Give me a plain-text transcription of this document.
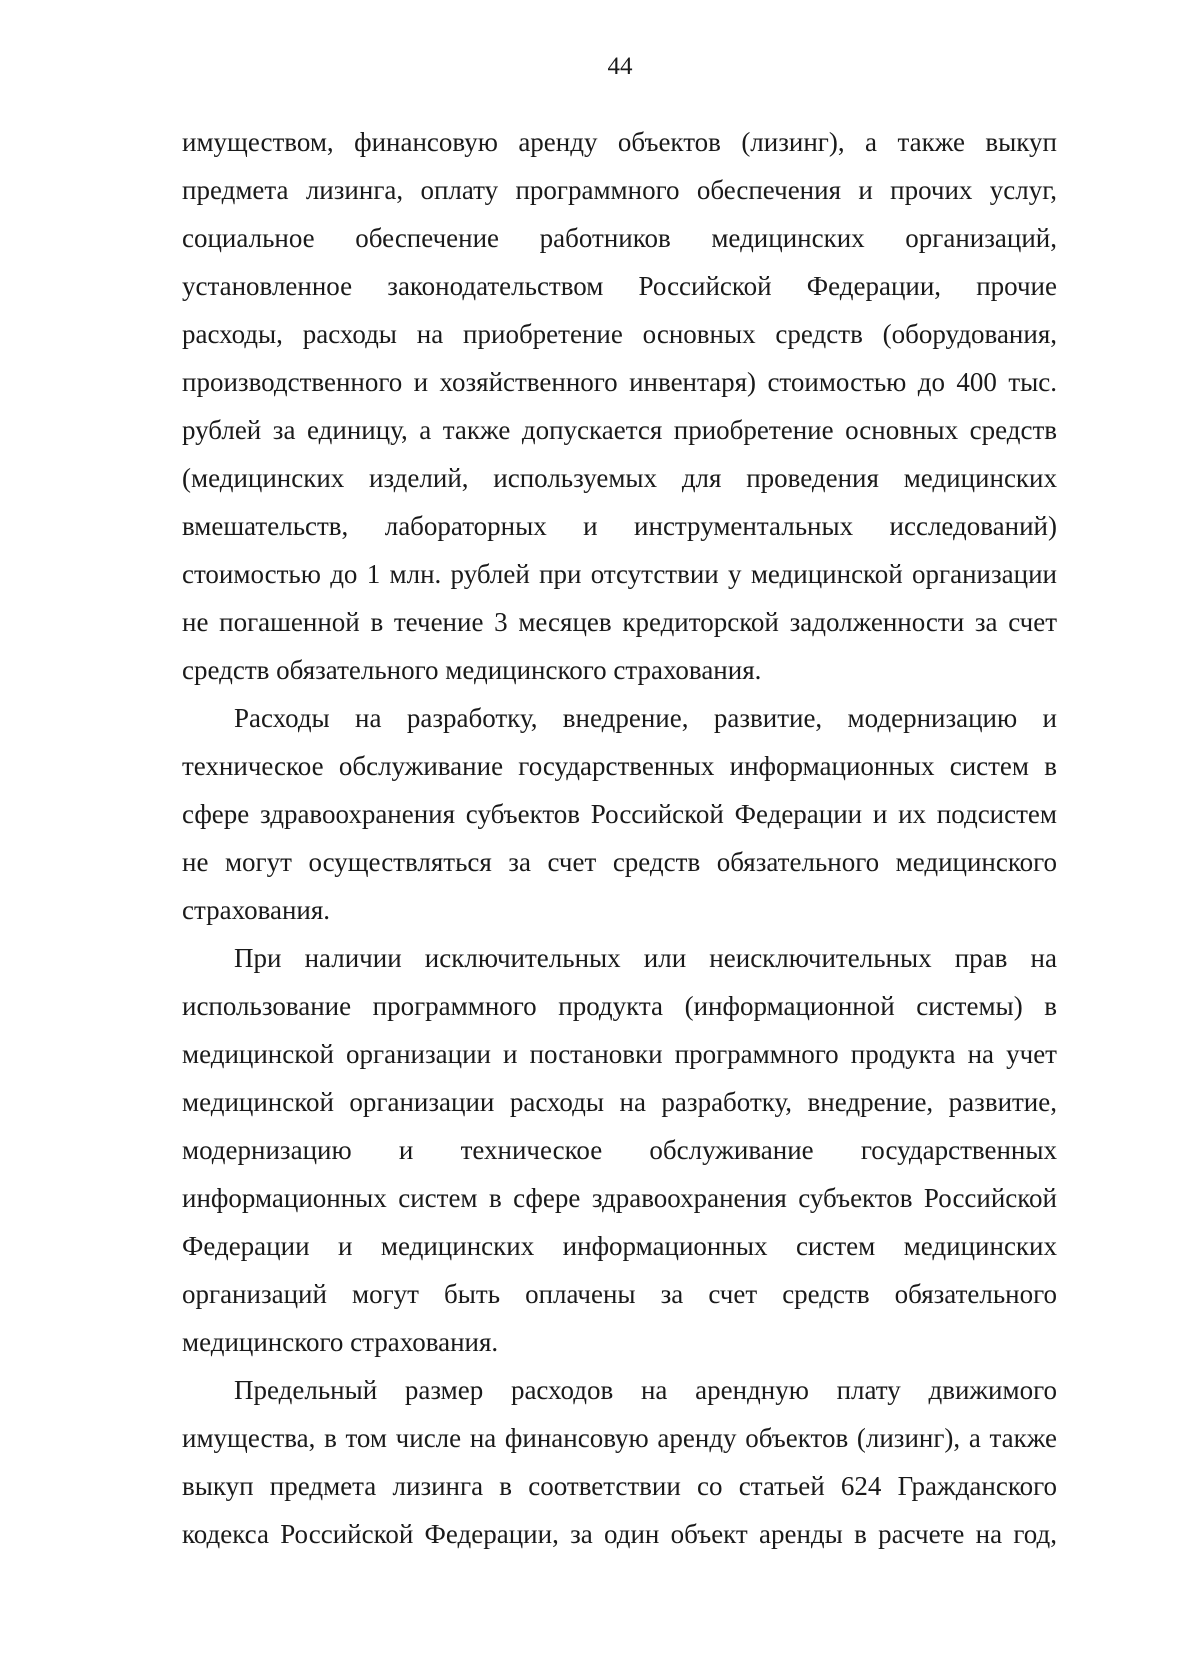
44

имуществом, финансовую аренду объектов (лизинг), а также выкуп
предмета лизинга, оплату программного обеспечения и прочих услуг,
социальное обеспечение работников медицинских организаций,
установленное законодательством Российской Федерации, прочие
расходы, расходы на приобретение основных средств (оборудования,
производственного и хозяйственного инвентаря) стоимостью до 400 тыс.
рублей за единицу, а также допускается приобретение основных средств
(медицинских изделий, используемых для проведения медицинских
вмешательств, лабораторных и инструментальных исследований)
стоимостью до 1 млн. рублей при отсутствии у медицинской организации
не погашенной в течение 3 месяцев кредиторской задолженности за счет
средств обязательного медицинского страхования.

Расходы на разработку, внедрение, развитие, модернизацию и
техническое обслуживание государственных информационных систем в
сфере здравоохранения субъектов Российской Федерации и их подсистем
не могут осуществляться за счет средств обязательного медицинского
страхования.

При наличии исключительных или неисключительных прав на
использование программного продукта (информационной системы) в
медицинской организации и постановки программного продукта на учет
медицинской организации расходы на разработку, внедрение, развитие,
модернизацию и техническое обслуживание государственных
информационных систем в сфере здравоохранения субъектов Российской
Федерации и медицинских информационных систем медицинских
организаций могут быть оплачены за счет средств обязательного
медицинского страхования.

Предельный размер расходов на арендную плату движимого
имущества, в том числе на финансовую аренду объектов (лизинг), а также
выкуп предмета лизинга в соответствии со статьей 624 Гражданского
кодекса Российской Федерации, за один объект аренды в расчете на год,
